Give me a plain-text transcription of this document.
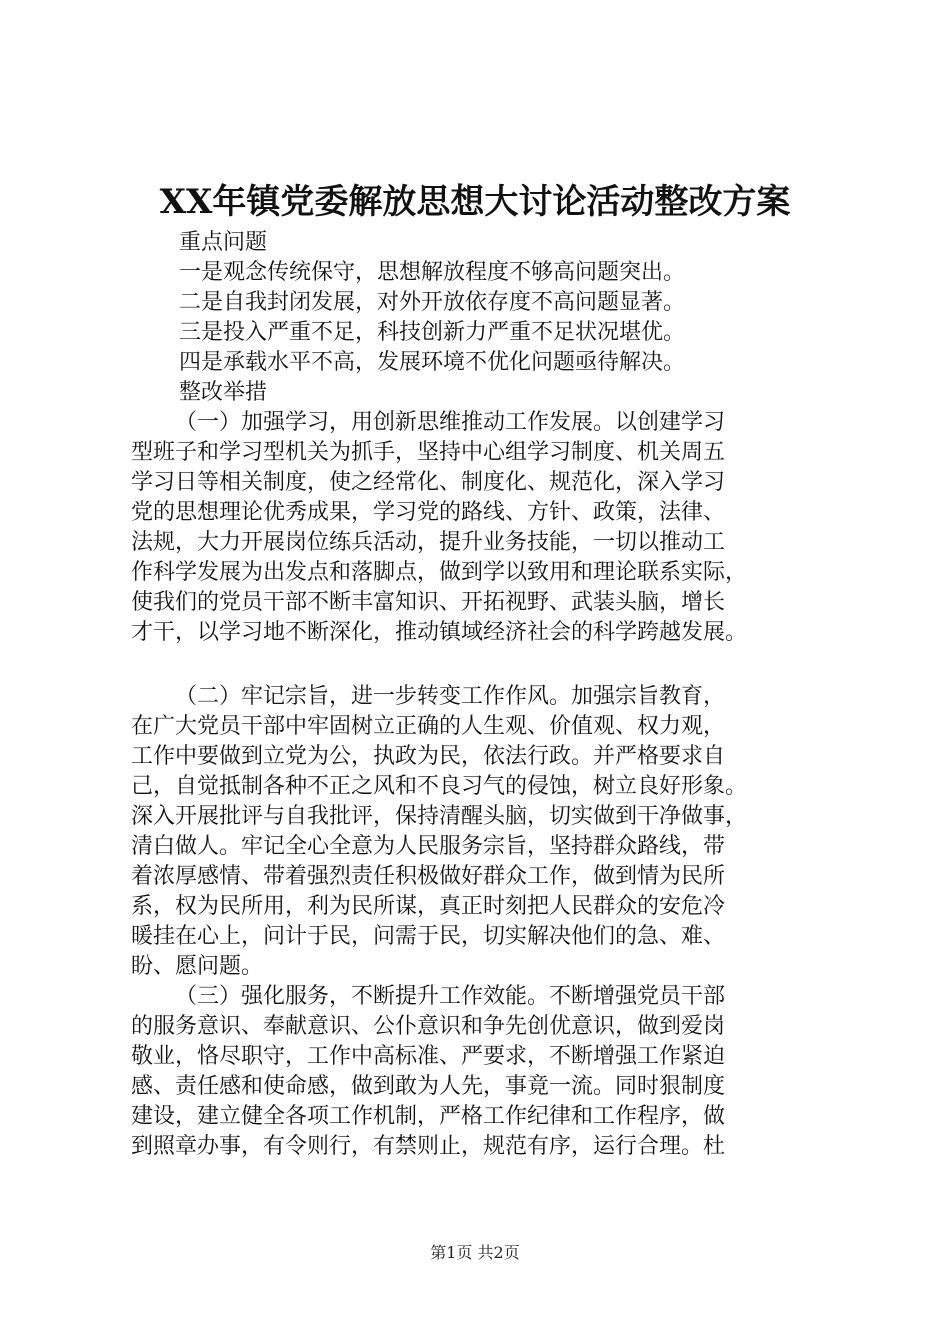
XX年镇党委解放思想大讨论活动整改方案
重点问题
一是观念传统保守，思想解放程度不够高问题突出。
二是自我封闭发展，对外开放依存度不高问题显著。
三是投入严重不足，科技创新力严重不足状况堪优。
四是承载水平不高，发展环境不优化问题亟待解决。
整改举措
（一）加强学习，用创新思维推动工作发展。以创建学习
型班子和学习型机关为抓手，坚持中心组学习制度、机关周五
学习日等相关制度，使之经常化、制度化、规范化，深入学习
党的思想理论优秀成果，学习党的路线、方针、政策，法律、
法规，大力开展岗位练兵活动，提升业务技能，一切以推动工
作科学发展为出发点和落脚点，做到学以致用和理论联系实际，
使我们的党员干部不断丰富知识、开拓视野、武装头脑，增长
才干，以学习地不断深化，推动镇域经济社会的科学跨越发展。
（二）牢记宗旨，进一步转变工作作风。加强宗旨教育，
在广大党员干部中牢固树立正确的人生观、价值观、权力观，
工作中要做到立党为公，执政为民，依法行政。并严格要求自
己，自觉抵制各种不正之风和不良习气的侵蚀，树立良好形象。
深入开展批评与自我批评，保持清醒头脑，切实做到干净做事，
清白做人。牢记全心全意为人民服务宗旨，坚持群众路线，带
着浓厚感情、带着强烈责任积极做好群众工作，做到情为民所
系，权为民所用，利为民所谋，真正时刻把人民群众的安危冷
暖挂在心上，问计于民，问需于民，切实解决他们的急、难、
盼、愿问题。
（三）强化服务，不断提升工作效能。不断增强党员干部
的服务意识、奉献意识、公仆意识和争先创优意识，做到爱岗
敬业，恪尽职守，工作中高标准、严要求，不断增强工作紧迫
感、责任感和使命感，做到敢为人先，事竟一流。同时狠制度
建设，建立健全各项工作机制，严格工作纪律和工作程序，做
到照章办事，有令则行，有禁则止，规范有序，运行合理。杜
第1页 共2页
